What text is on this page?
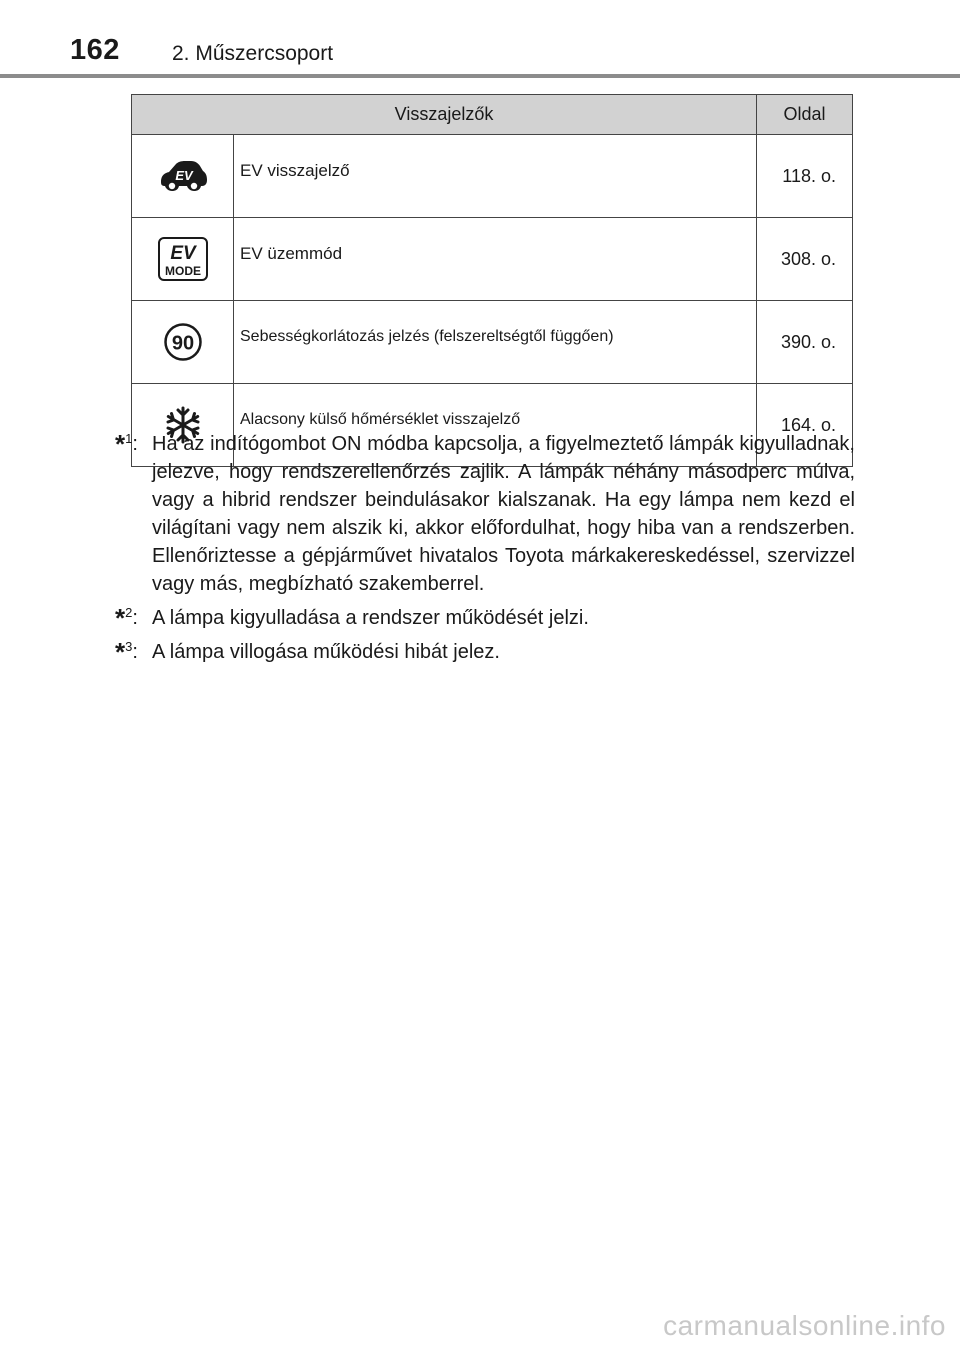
162 2. Műszercsoport
Visszajelzők		Oldal

EV	EV visszajelző	118. o.

EV
MODE	EV üzemmód	308. o.

90	Sebességkorlátozás jelzés (felszereltségtől függően)	390. o.

	Alacsony külső hőmérséklet visszajelző	164. o.
*$^1$: Ha az indítógombot ON módba kapcsolja, a figyelmeztető lámpák kigyulladnak, jelezve, hogy rendszerellenőrzés zajlik. A lámpák néhány másodperc múlva, vagy a hibrid rendszer beindulásakor kialszanak. Ha egy lámpa nem kezd el világítani vagy nem alszik ki, akkor előfordulhat, hogy hiba van a rendszerben. Ellenőriztesse a gépjárművet hivatalos Toyota márkakereskedéssel, szervizzel vagy más, megbízható szakemberrel.
*$^2$: A lámpa kigyulladása a rendszer működését jelzi.
*$^3$: A lámpa villogása működési hibát jelez.
carmanualsonline.info
